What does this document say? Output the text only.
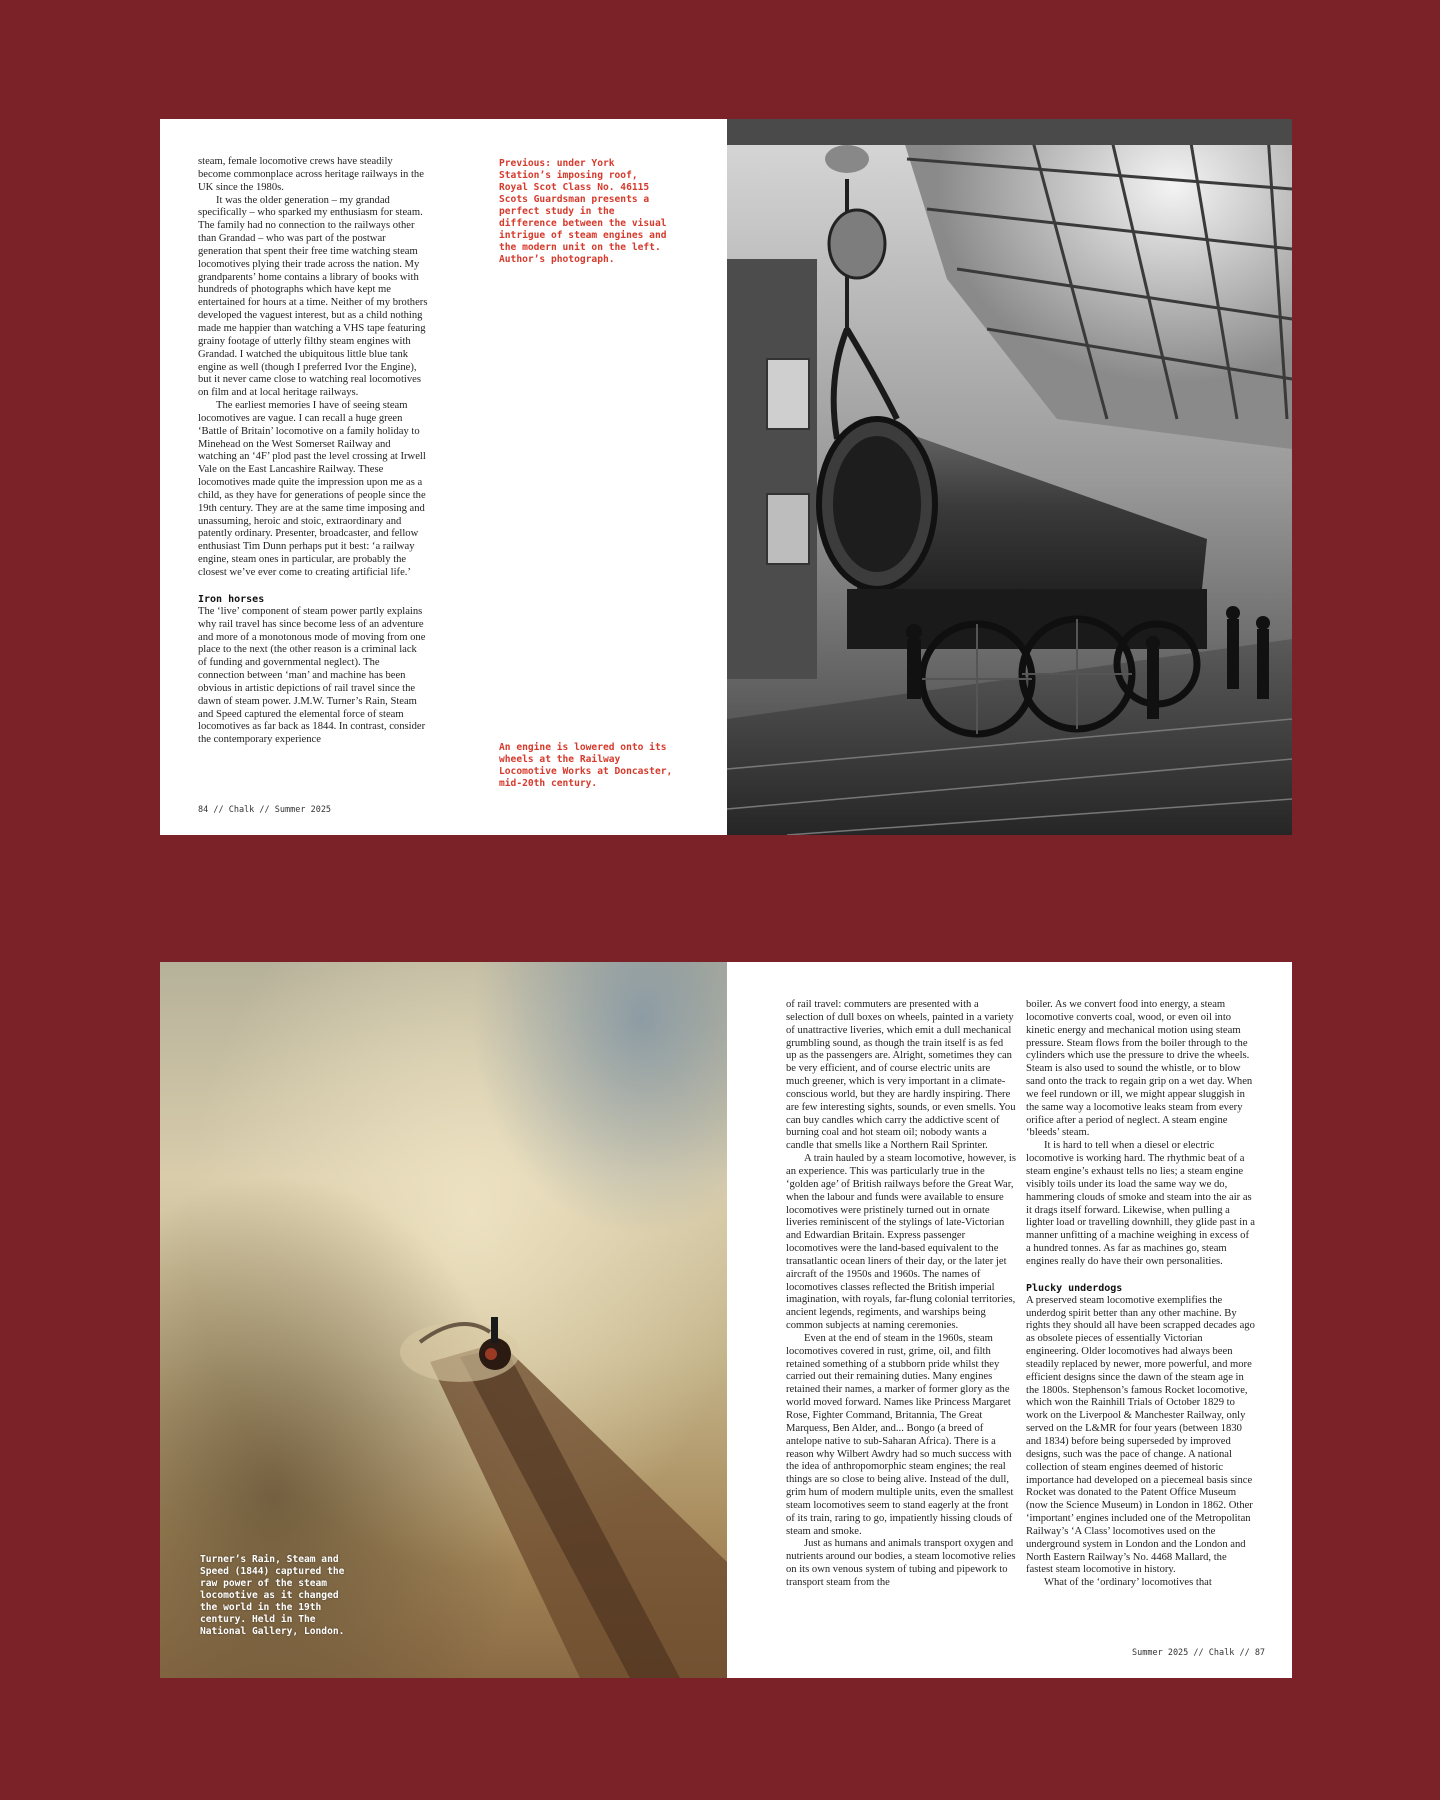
steam, female locomotive crews have steadily become commonplace across heritage railways in the UK since the 1980s.

It was the older generation – my grandad specifically – who sparked my enthusiasm for steam. The family had no connection to the railways other than Grandad – who was part of the postwar generation that spent their free time watching steam locomotives plying their trade across the nation. My grandparents’ home contains a library of books with hundreds of photographs which have kept me entertained for hours at a time. Neither of my brothers developed the vaguest interest, but as a child nothing made me happier than watching a VHS tape featuring grainy footage of utterly filthy steam engines with Grandad. I watched the ubiquitous little blue tank engine as well (though I preferred Ivor the Engine), but it never came close to watching real locomotives on film and at local heritage railways.

The earliest memories I have of seeing steam locomotives are vague. I can recall a huge green ‘Battle of Britain’ locomotive on a family holiday to Minehead on the West Somerset Railway and watching an ‘4F’ plod past the level crossing at Irwell Vale on the East Lancashire Railway. These locomotives made quite the impression upon me as a child, as they have for generations of people since the 19th century. They are at the same time imposing and unassuming, heroic and stoic, extraordinary and patently ordinary. Presenter, broadcaster, and fellow enthusiast Tim Dunn perhaps put it best: ‘a railway engine, steam ones in particular, are probably the closest we’ve ever come to creating artificial life.’

Iron horses

The ‘live’ component of steam power partly explains why rail travel has since become less of an adventure and more of a monotonous mode of moving from one place to the next (the other reason is a criminal lack of funding and governmental neglect). The connection between ‘man’ and machine has been obvious in artistic depictions of rail travel since the dawn of steam power. J.M.W. Turner’s Rain, Steam and Speed captured the elemental force of steam locomotives as far back as 1844. In contrast, consider the contemporary experience

Previous: under York Station’s imposing roof, Royal Scot Class No. 46115 Scots Guardsman presents a perfect study in the difference between the visual intrigue of steam engines and the modern unit on the left. Author’s photograph.
An engine is lowered onto its wheels at the Railway Locomotive Works at Doncaster, mid-20th century.
84 // Chalk // Summer 2025
Turner’s Rain, Steam and Speed (1844) captured the raw power of the steam locomotive as it changed the world in the 19th century. Held in The National Gallery, London.

of rail travel: commuters are presented with a selection of dull boxes on wheels, painted in a variety of unattractive liveries, which emit a dull mechanical grumbling sound, as though the train itself is as fed up as the passengers are. Alright, sometimes they can be very efficient, and of course electric units are much greener, which is very important in a climate-conscious world, but they are hardly inspiring. There are few interesting sights, sounds, or even smells. You can buy candles which carry the addictive scent of burning coal and hot steam oil; nobody wants a candle that smells like a Northern Rail Sprinter.

A train hauled by a steam locomotive, however, is an experience. This was particularly true in the ‘golden age’ of British railways before the Great War, when the labour and funds were available to ensure locomotives were pristinely turned out in ornate liveries reminiscent of the stylings of late-Victorian and Edwardian Britain. Express passenger locomotives were the land-based equivalent to the transatlantic ocean liners of their day, or the later jet aircraft of the 1950s and 1960s. The names of locomotives classes reflected the British imperial imagination, with royals, far-flung colonial territories, ancient legends, regiments, and warships being common subjects at naming ceremonies.

Even at the end of steam in the 1960s, steam locomotives covered in rust, grime, oil, and filth retained something of a stubborn pride whilst they carried out their remaining duties. Many engines retained their names, a marker of former glory as the world moved forward. Names like Princess Margaret Rose, Fighter Command, Britannia, The Great Marquess, Ben Alder, and... Bongo (a breed of antelope native to sub-Saharan Africa). There is a reason why Wilbert Awdry had so much success with the idea of anthropomorphic steam engines; the real things are so close to being alive. Instead of the dull, grim hum of modern multiple units, even the smallest steam locomotives seem to stand eagerly at the front of its train, raring to go, impatiently hissing clouds of steam and smoke.

Just as humans and animals transport oxygen and nutrients around our bodies, a steam locomotive relies on its own venous system of tubing and pipework to transport steam from the

boiler. As we convert food into energy, a steam locomotive converts coal, wood, or even oil into kinetic energy and mechanical motion using steam pressure. Steam flows from the boiler through to the cylinders which use the pressure to drive the wheels. Steam is also used to sound the whistle, or to blow sand onto the track to regain grip on a wet day. When we feel rundown or ill, we might appear sluggish in the same way a locomotive leaks steam from every orifice after a period of neglect. A steam engine ‘bleeds’ steam.

It is hard to tell when a diesel or electric locomotive is working hard. The rhythmic beat of a steam engine’s exhaust tells no lies; a steam engine visibly toils under its load the same way we do, hammering clouds of smoke and steam into the air as it drags itself forward. Likewise, when pulling a lighter load or travelling downhill, they glide past in a manner unfitting of a machine weighing in excess of a hundred tonnes. As far as machines go, steam engines really do have their own personalities.

Plucky underdogs

A preserved steam locomotive exemplifies the underdog spirit better than any other machine. By rights they should all have been scrapped decades ago as obsolete pieces of essentially Victorian engineering. Older locomotives had always been steadily replaced by newer, more powerful, and more efficient designs since the dawn of the steam age in the 1800s. Stephenson’s famous Rocket locomotive, which won the Rainhill Trials of October 1829 to work on the Liverpool & Manchester Railway, only served on the L&MR for four years (between 1830 and 1834) before being superseded by improved designs, such was the pace of change. A national collection of steam engines deemed of historic importance had developed on a piecemeal basis since Rocket was donated to the Patent Office Museum (now the Science Museum) in London in 1862. Other ‘important’ engines included one of the Metropolitan Railway’s ‘A Class’ locomotives used on the underground system in London and the London and North Eastern Railway’s No. 4468 Mallard, the fastest steam locomotive in history.

What of the ‘ordinary’ locomotives that

Summer 2025 // Chalk // 87
